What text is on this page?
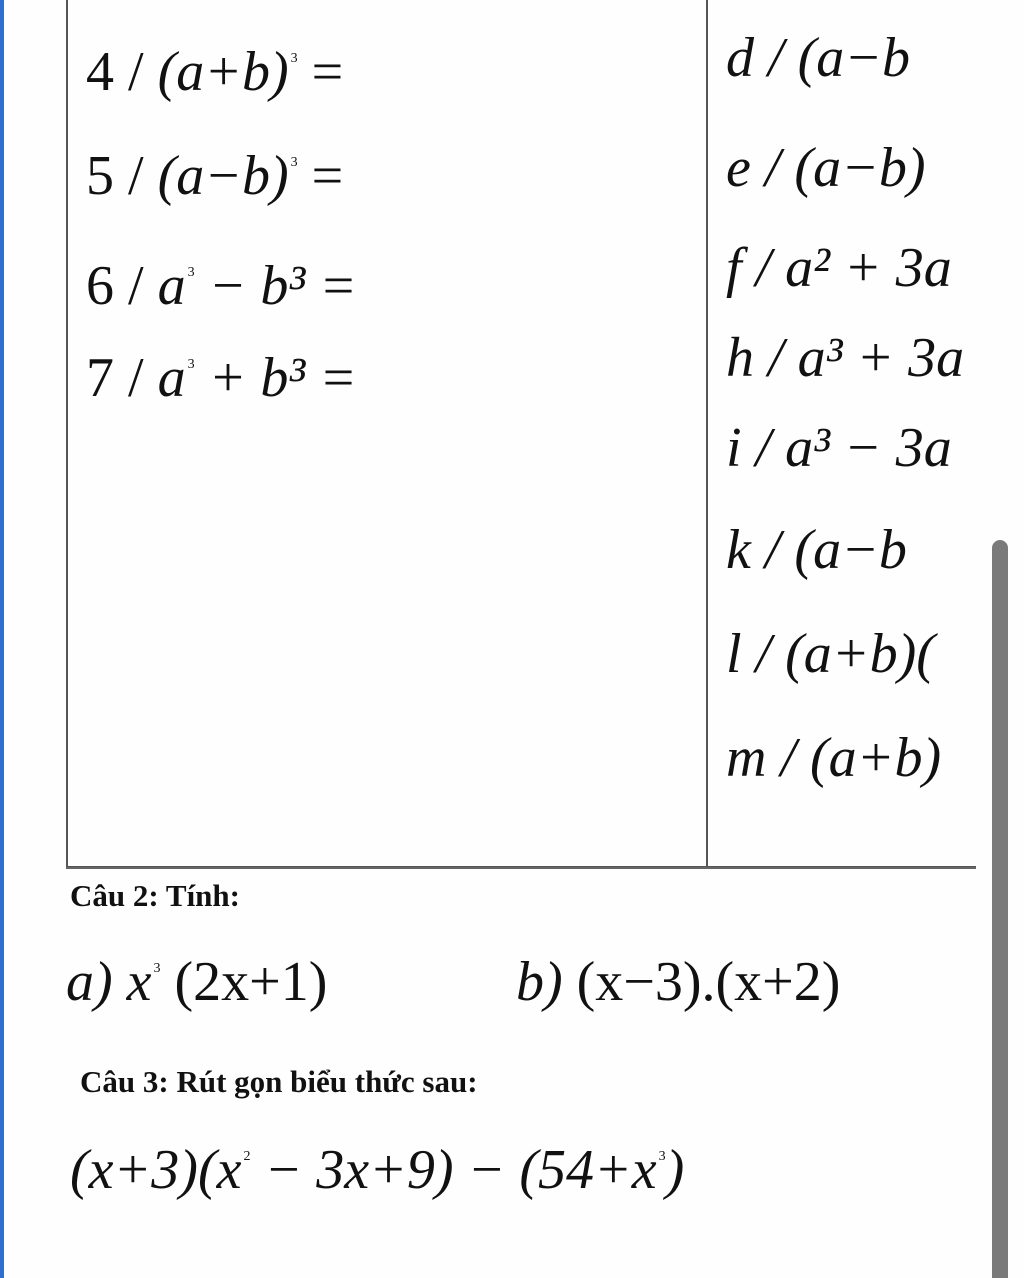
4 / (a+b) $^3$ =
5 / (a−b) $^3$ =
6 / a $^3$ − b³ =
7 / a $^3$ + b³ =
d / (a−b
e / (a−b)
f / a² + 3a
h / a³ + 3a
i / a³ − 3a
k / (a−b
l / (a+b)(
m / (a+b)
Câu 2: Tính:
a) x $^3$ (2x+1)	b) (x−3).(x+2)
Câu 3: Rút gọn biểu thức sau:
(x+3)(x $^2$ − 3x+9) − (54+x $^3$)
